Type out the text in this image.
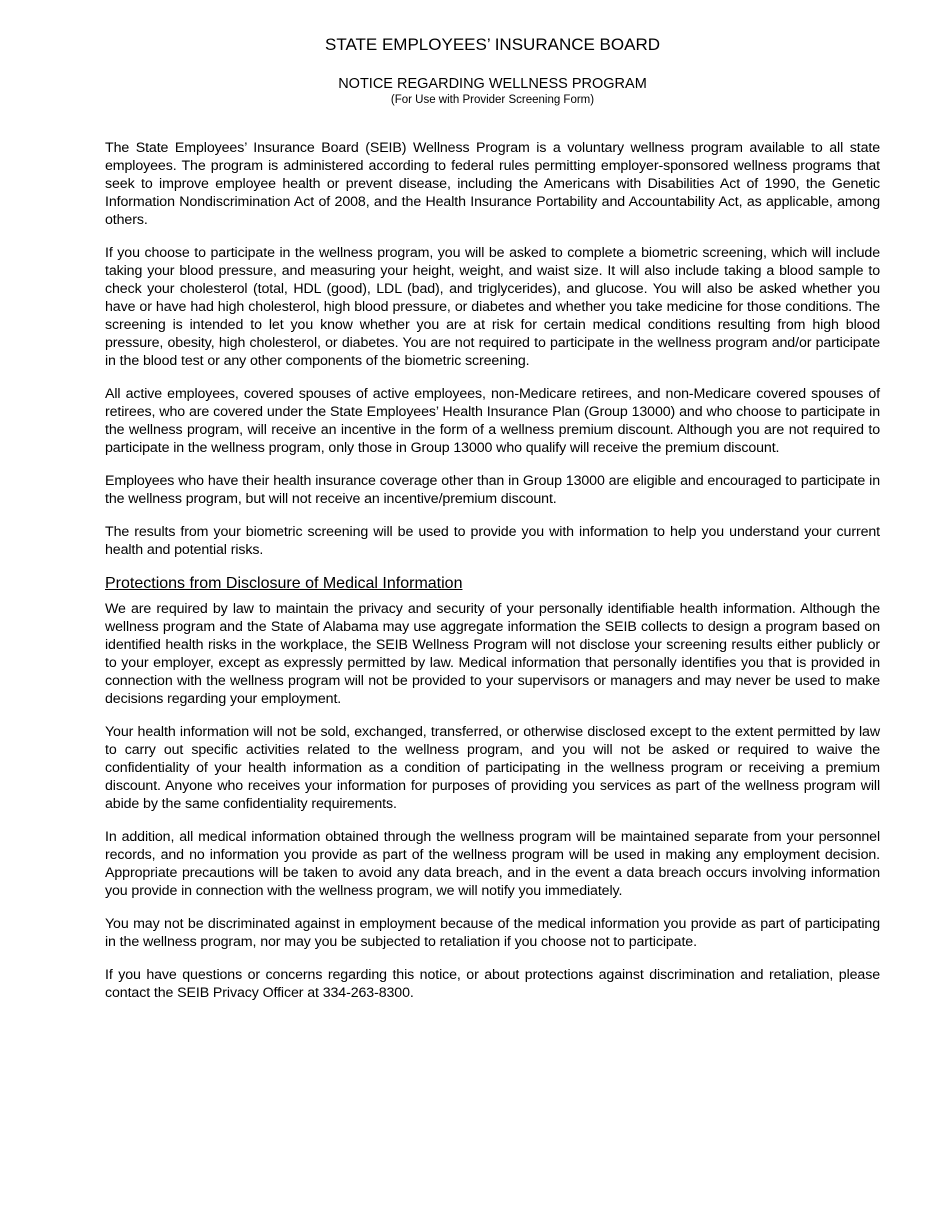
STATE EMPLOYEES’ INSURANCE BOARD
NOTICE REGARDING WELLNESS PROGRAM
(For Use with Provider Screening Form)

The State Employees’ Insurance Board (SEIB) Wellness Program is a voluntary wellness program available to all state employees. The program is administered according to federal rules permitting employer-sponsored wellness programs that seek to improve employee health or prevent disease, including the Americans with Disabilities Act of 1990, the Genetic Information Nondiscrimination Act of 2008, and the Health Insurance Portability and Accountability Act, as applicable, among others.

If you choose to participate in the wellness program, you will be asked to complete a biometric screening, which will include taking your blood pressure, and measuring your height, weight, and waist size. It will also include taking a blood sample to check your cholesterol (total, HDL (good), LDL (bad), and triglycerides), and glucose. You will also be asked whether you have or have had high cholesterol, high blood pressure, or diabetes and whether you take medicine for those conditions. The screening is intended to let you know whether you are at risk for certain medical conditions resulting from high blood pressure, obesity, high cholesterol, or diabetes. You are not required to participate in the wellness program and/or participate in the blood test or any other components of the biometric screening.

All active employees, covered spouses of active employees, non-Medicare retirees, and non-Medicare covered spouses of retirees, who are covered under the State Employees’ Health Insurance Plan (Group 13000) and who choose to participate in the wellness program, will receive an incentive in the form of a wellness premium discount. Although you are not required to participate in the wellness program, only those in Group 13000 who qualify will receive the premium discount.

Employees who have their health insurance coverage other than in Group 13000 are eligible and encouraged to participate in the wellness program, but will not receive an incentive/premium discount.

The results from your biometric screening will be used to provide you with information to help you understand your current health and potential risks.

Protections from Disclosure of Medical Information

We are required by law to maintain the privacy and security of your personally identifiable health information. Although the wellness program and the State of Alabama may use aggregate information the SEIB collects to design a program based on identified health risks in the workplace, the SEIB Wellness Program will not disclose your screening results either publicly or to your employer, except as expressly permitted by law. Medical information that personally identifies you that is provided in connection with the wellness program will not be provided to your supervisors or managers and may never be used to make decisions regarding your employment.

Your health information will not be sold, exchanged, transferred, or otherwise disclosed except to the extent permitted by law to carry out specific activities related to the wellness program, and you will not be asked or required to waive the confidentiality of your health information as a condition of participating in the wellness program or receiving a premium discount. Anyone who receives your information for purposes of providing you services as part of the wellness program will abide by the same confidentiality requirements.

In addition, all medical information obtained through the wellness program will be maintained separate from your personnel records, and no information you provide as part of the wellness program will be used in making any employment decision. Appropriate precautions will be taken to avoid any data breach, and in the event a data breach occurs involving information you provide in connection with the wellness program, we will notify you immediately.

You may not be discriminated against in employment because of the medical information you provide as part of participating in the wellness program, nor may you be subjected to retaliation if you choose not to participate.

If you have questions or concerns regarding this notice, or about protections against discrimination and retaliation, please contact the SEIB Privacy Officer at 334-263-8300.
